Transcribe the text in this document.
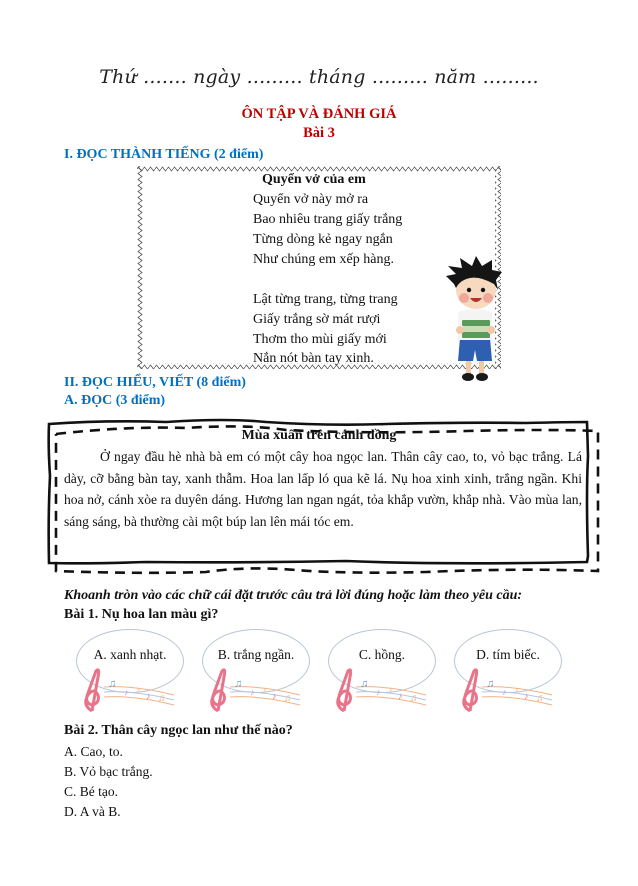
Thứ ....... ngày ......... tháng ......... năm .........
ÔN TẬP VÀ ĐÁNH GIÁ
Bài 3
I. ĐỌC THÀNH TIẾNG (2 điểm)
Quyển vở của em
Quyển vở này mở ra
Bao nhiêu trang giấy trắng
Từng dòng kẻ ngay ngắn
Như chúng em xếp hàng.
Lật từng trang, từng trang
Giấy trắng sờ mát rượi
Thơm tho mùi giấy mới
Nắn nót bàn tay xinh.
II. ĐỌC HIỂU, VIẾT (8 điểm)
A. ĐỌC (3 điểm)
Mùa xuân trên cánh đồng
Ở ngay đầu hè nhà bà em có một cây hoa ngọc lan. Thân cây cao, to, vỏ bạc trắng. Lá dày, cỡ bằng bàn tay, xanh thẫm. Hoa lan lấp ló qua kẽ lá. Nụ hoa xinh xinh, trắng ngần. Khi hoa nở, cánh xòe ra duyên dáng. Hương lan ngan ngát, tỏa khắp vườn, khắp nhà. Vào mùa lan, sáng sáng, bà thường cài một búp lan lên mái tóc em.
Khoanh tròn vào các chữ cái đặt trước câu trả lời đúng hoặc làm theo yêu cầu:
Bài 1. Nụ hoa lan màu gì?
A. xanh nhạt.
♫
♪ ♪
♪ ♫
B. trắng ngần.
♫
♪ ♪
♪ ♫
C. hồng.
♫
♪ ♪
♪ ♫
D. tím biếc.
♫
♪ ♪
♪ ♫
Bài 2. Thân cây ngọc lan như thế nào?
A. Cao, to.
B. Vỏ bạc trắng.
C. Bé tạo.
D. A và B.
